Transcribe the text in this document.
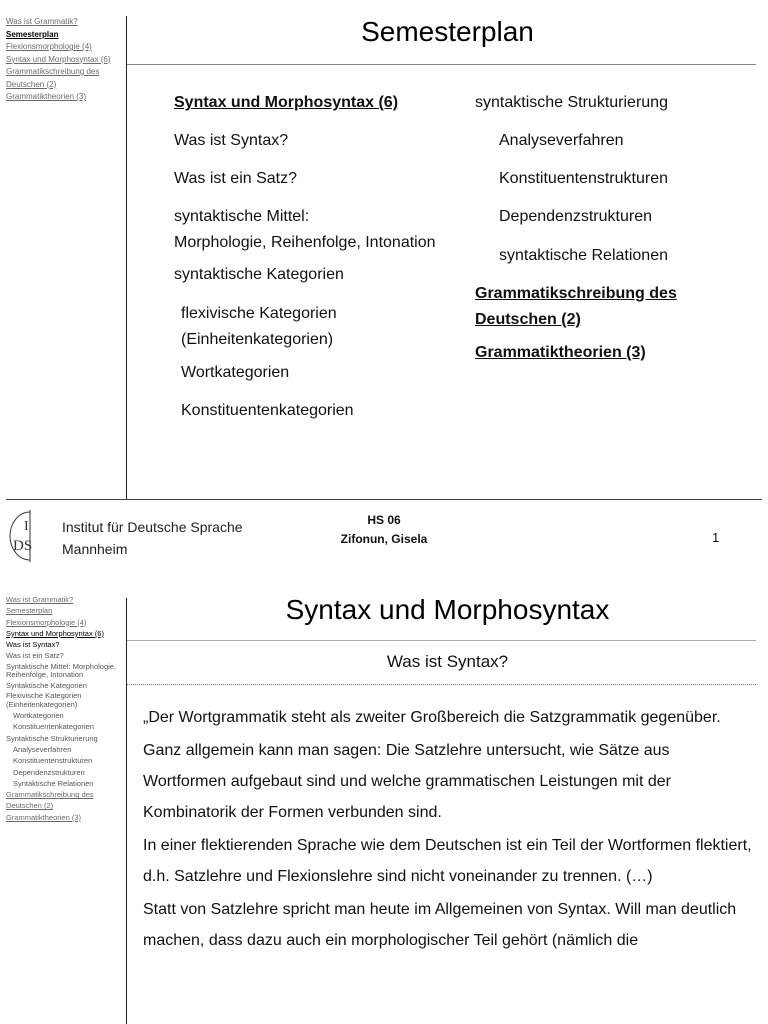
Was ist Grammatik?
Semesterplan
Flexionsmorphologie (4)
Syntax und Morphosyntax (6)
Grammatikschreibung des
Deutschen (2)
Grammatiktheorien (3)
Semesterplan
Syntax und Morphosyntax (6)
Was ist Syntax?
Was ist ein Satz?
syntaktische Mittel:
Morphologie, Reihenfolge, Intonation
syntaktische Kategorien
flexivische Kategorien
(Einheitenkategorien)
Wortkategorien
Konstituentenkategorien
syntaktische Strukturierung
Analyseverfahren
Konstituentenstrukturen
Dependenzstrukturen
syntaktische Relationen
Grammatikschreibung des
Deutschen (2)
Grammatiktheorien (3)
I
DS
Institut für Deutsche Sprache
Mannheim
HS 06
Zifonun, Gisela	1
Was ist Grammatik?
Semesterplan
Flexionsmorphologie (4)
Syntax und Morphosyntax (6)
Was ist Syntax?
Was ist ein Satz?
Syntaktische Mittel: Morphologie, Reihenfolge, Intonation
Syntaktische Kategorien
Flexivische Kategorien (Einheitenkategorien)
Wortkategorien
Konstituentenkategorien
Syntaktische Strukturierung
Analyseverfahren
Konstituentenstrukturen
Dependenzstrukturen
Syntaktische Relationen
Grammatikschreibung des
Deutschen (2)
Grammatiktheorien (3)
Syntax und Morphosyntax
Was ist Syntax?

„Der Wortgrammatik steht als zweiter Großbereich die Satzgrammatik gegenüber.

Ganz allgemein kann man sagen: Die Satzlehre untersucht, wie Sätze aus Wortformen aufgebaut sind und welche grammatischen Leistungen mit der Kombinatorik der Formen verbunden sind.

In einer flektierenden Sprache wie dem Deutschen ist ein Teil der Wortformen flektiert, d.h. Satzlehre und Flexionslehre sind nicht voneinander zu trennen. (…)

Statt von Satzlehre spricht man heute im Allgemeinen von Syntax. Will man deutlich machen, dass dazu auch ein morphologischer Teil gehört (nämlich die
